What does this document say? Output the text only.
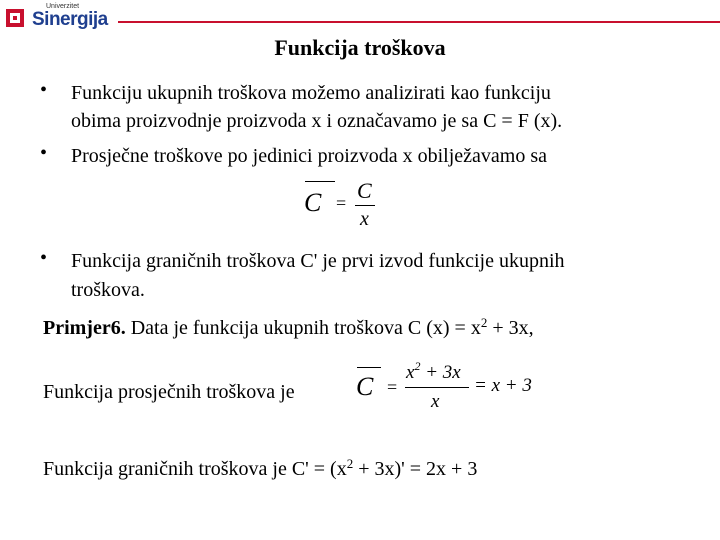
Univerzitet
Sinergija
Funkcija troškova
• Funkciju ukupnih troškova možemo analizirati kao funkciju
obima proizvodnje proizvoda x i označavamo je sa C = F (x).
• Prosječne troškove po jedinici proizvoda x obilježavamo sa
C = C
x
• Funkcija graničnih troškova C' je prvi izvod funkcije ukupnih
troškova.
Primjer6. Data je funkcija ukupnih troškova C $(x) = x^2 + 3x$,
Funkcija prosječnih troškova je C =
$x^2 + 3x$
x
= x + 3
Funkcija graničnih troškova je $C' = (x^2 + 3x)' = 2x + 3$
